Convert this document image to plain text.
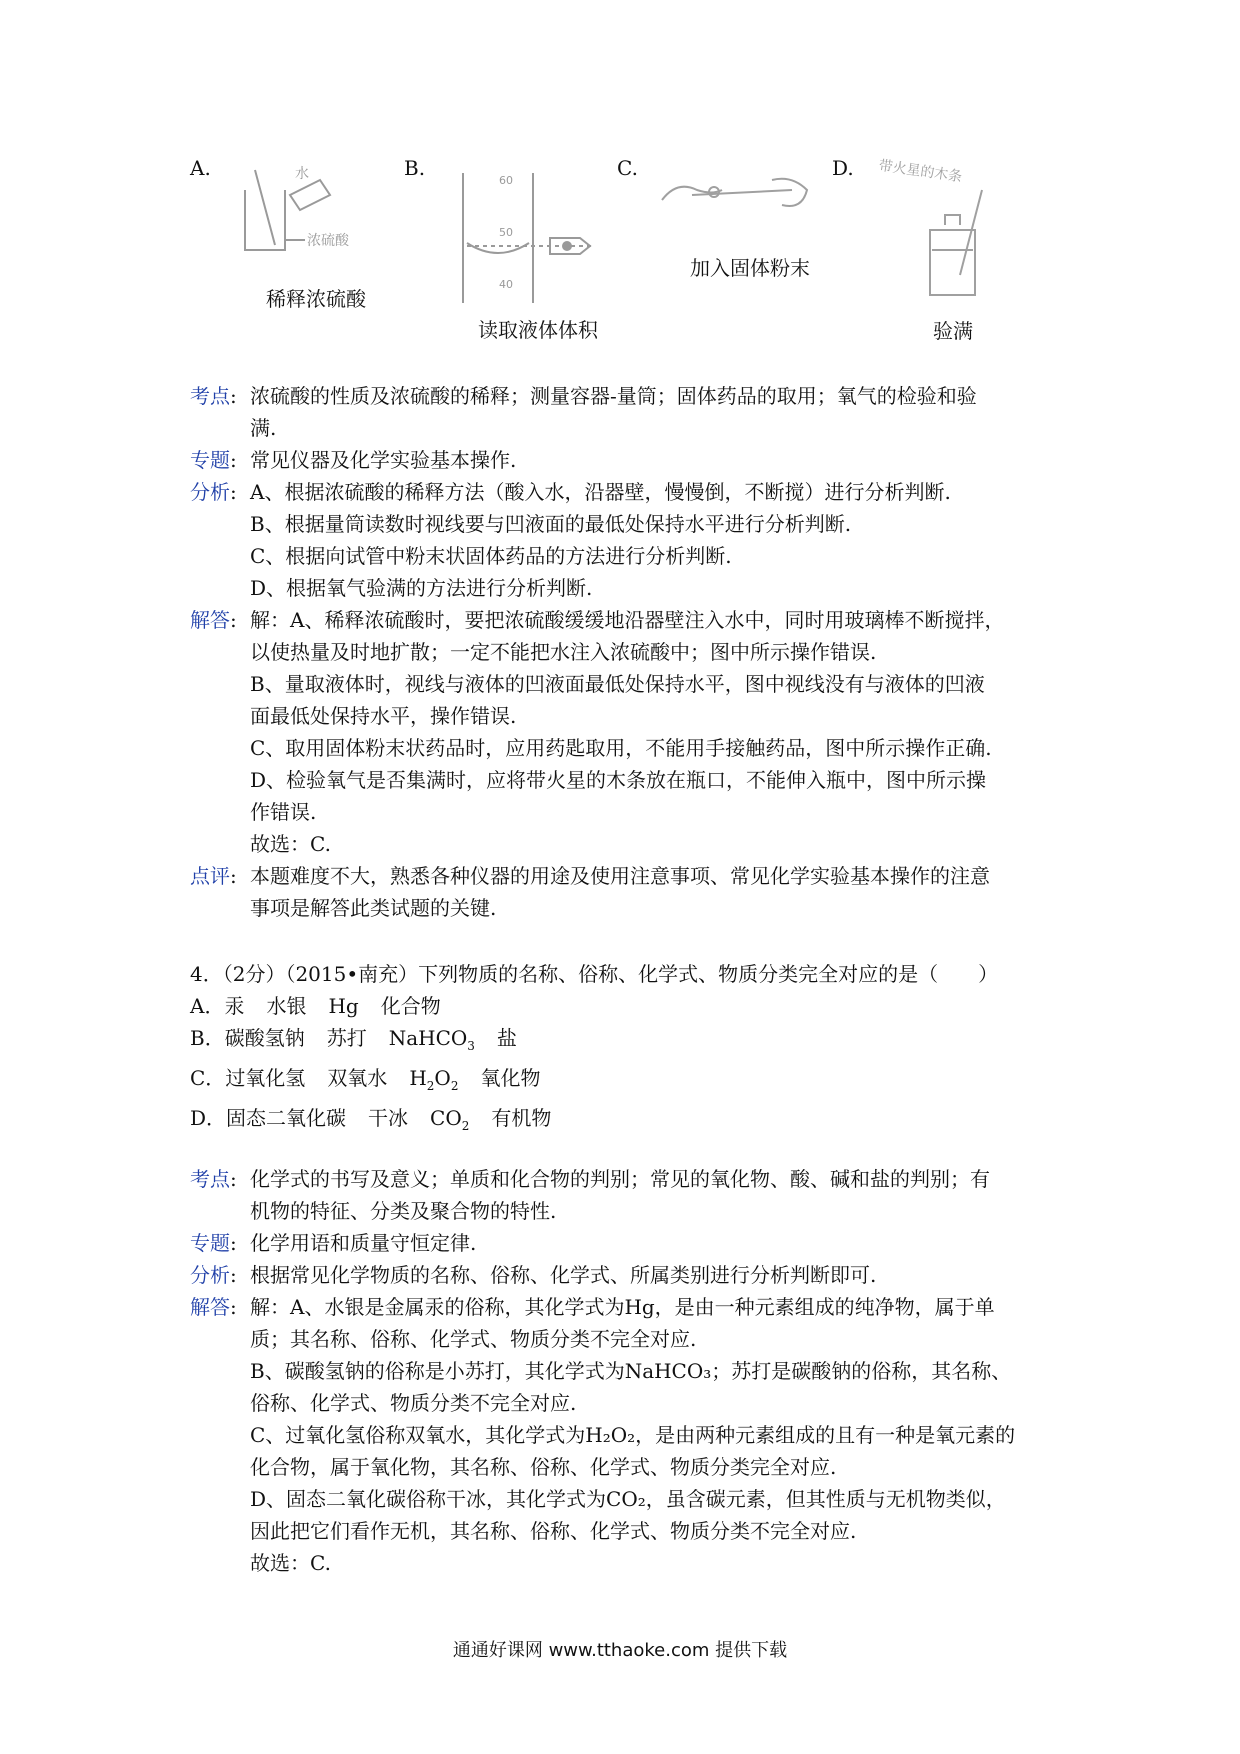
A.	水
浓硫酸
稀释浓硫酸
B.
60
50
40
读取液体体积
C.
加入固体粉末
D. 带火星的木条
验满
考点: 浓硫酸的性质及浓硫酸的稀释；测量容器-量筒；固体药品的取用；氧气的检验和验
满.
专题: 常见仪器及化学实验基本操作.
分析: A、根据浓硫酸的稀释方法（酸入水，沿器壁，慢慢倒，不断搅）进行分析判断.
B、根据量筒读数时视线要与凹液面的最低处保持水平进行分析判断.
C、根据向试管中粉末状固体药品的方法进行分析判断.
D、根据氧气验满的方法进行分析判断.
解答: 解：A、稀释浓硫酸时，要把浓硫酸缓缓地沿器壁注入水中，同时用玻璃棒不断搅拌，
以使热量及时地扩散；一定不能把水注入浓硫酸中；图中所示操作错误.
B、量取液体时，视线与液体的凹液面最低处保持水平，图中视线没有与液体的凹液
面最低处保持水平，操作错误.
C、取用固体粉末状药品时，应用药匙取用，不能用手接触药品，图中所示操作正确.
D、检验氧气是否集满时，应将带火星的木条放在瓶口，不能伸入瓶中，图中所示操
作错误.
故选：C.
点评: 本题难度不大，熟悉各种仪器的用途及使用注意事项、常见化学实验基本操作的注意
事项是解答此类试题的关键.
4．（2分）（2015•南充）下列物质的名称、俗称、化学式、物质分类完全对应的是（　　）
A．汞 水银 Hg 化合物
B．碳酸氢钠 苏打 NaHCO$_3$ 盐
C．过氧化氢 双氧水 $H_2O_2$ 氧化物
D．固态二氧化碳 干冰 $CO_2$ 有机物
考点: 化学式的书写及意义；单质和化合物的判别；常见的氧化物、酸、碱和盐的判别；有
机物的特征、分类及聚合物的特性.
专题: 化学用语和质量守恒定律.
分析: 根据常见化学物质的名称、俗称、化学式、所属类别进行分析判断即可.
解答: 解：A、水银是金属汞的俗称，其化学式为Hg，是由一种元素组成的纯净物，属于单
质；其名称、俗称、化学式、物质分类不完全对应.
B、碳酸氢钠的俗称是小苏打，其化学式为NaHCO₃；苏打是碳酸钠的俗称，其名称、
俗称、化学式、物质分类不完全对应.
C、过氧化氢俗称双氧水，其化学式为H₂O₂，是由两种元素组成的且有一种是氧元素的
化合物，属于氧化物，其名称、俗称、化学式、物质分类完全对应.
D、固态二氧化碳俗称干冰，其化学式为CO₂，虽含碳元素，但其性质与无机物类似，
因此把它们看作无机，其名称、俗称、化学式、物质分类不完全对应.
故选：C.
通通好课网 www.tthaoke.com 提供下载
